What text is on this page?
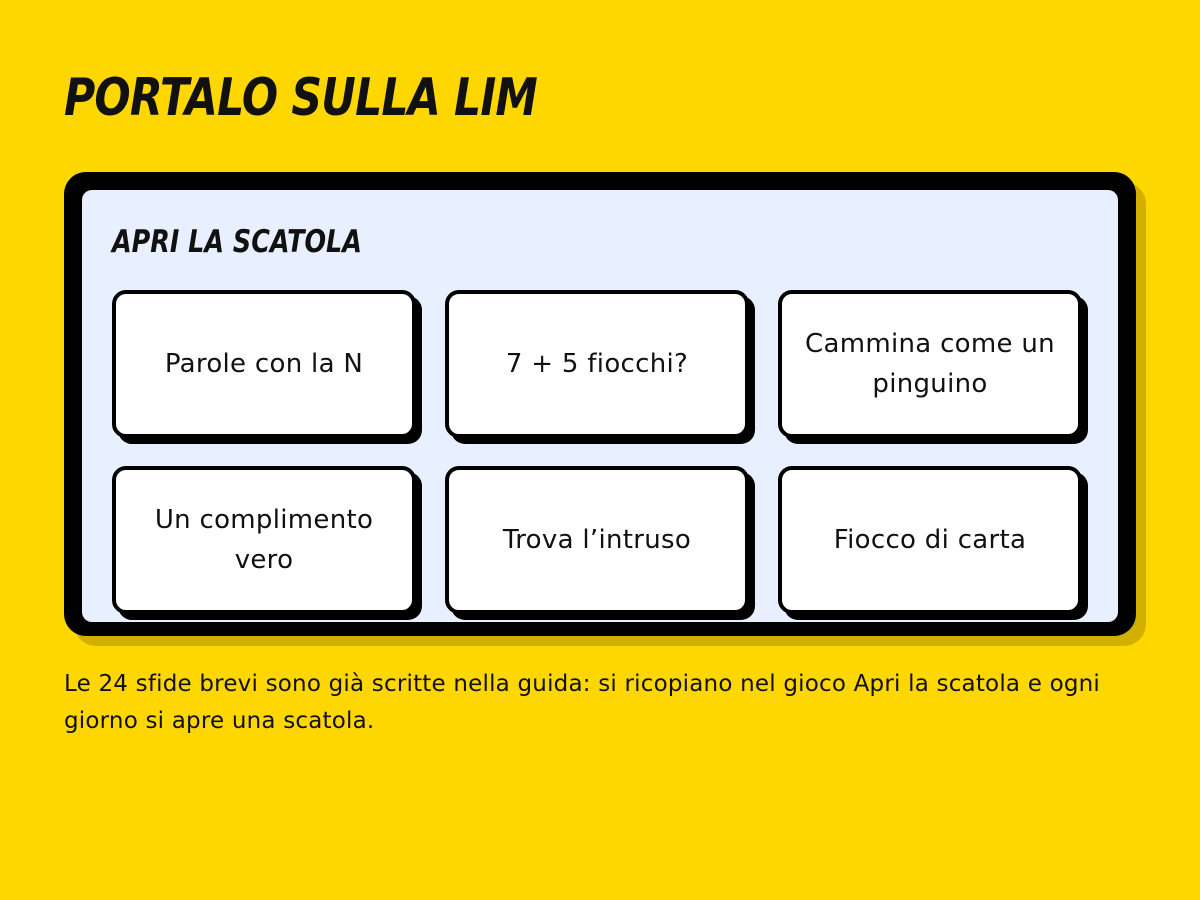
PORTALO SULLA LIM
APRI LA SCATOLA
Parole con la N	7 + 5 fiocchi?
Cammina come un pinguino
Un complimento vero
Trova l’intruso	Fiocco di carta

Le 24 sfide brevi sono già scritte nella guida: si ricopiano nel gioco Apri la scatola e ogni giorno si apre una scatola.
